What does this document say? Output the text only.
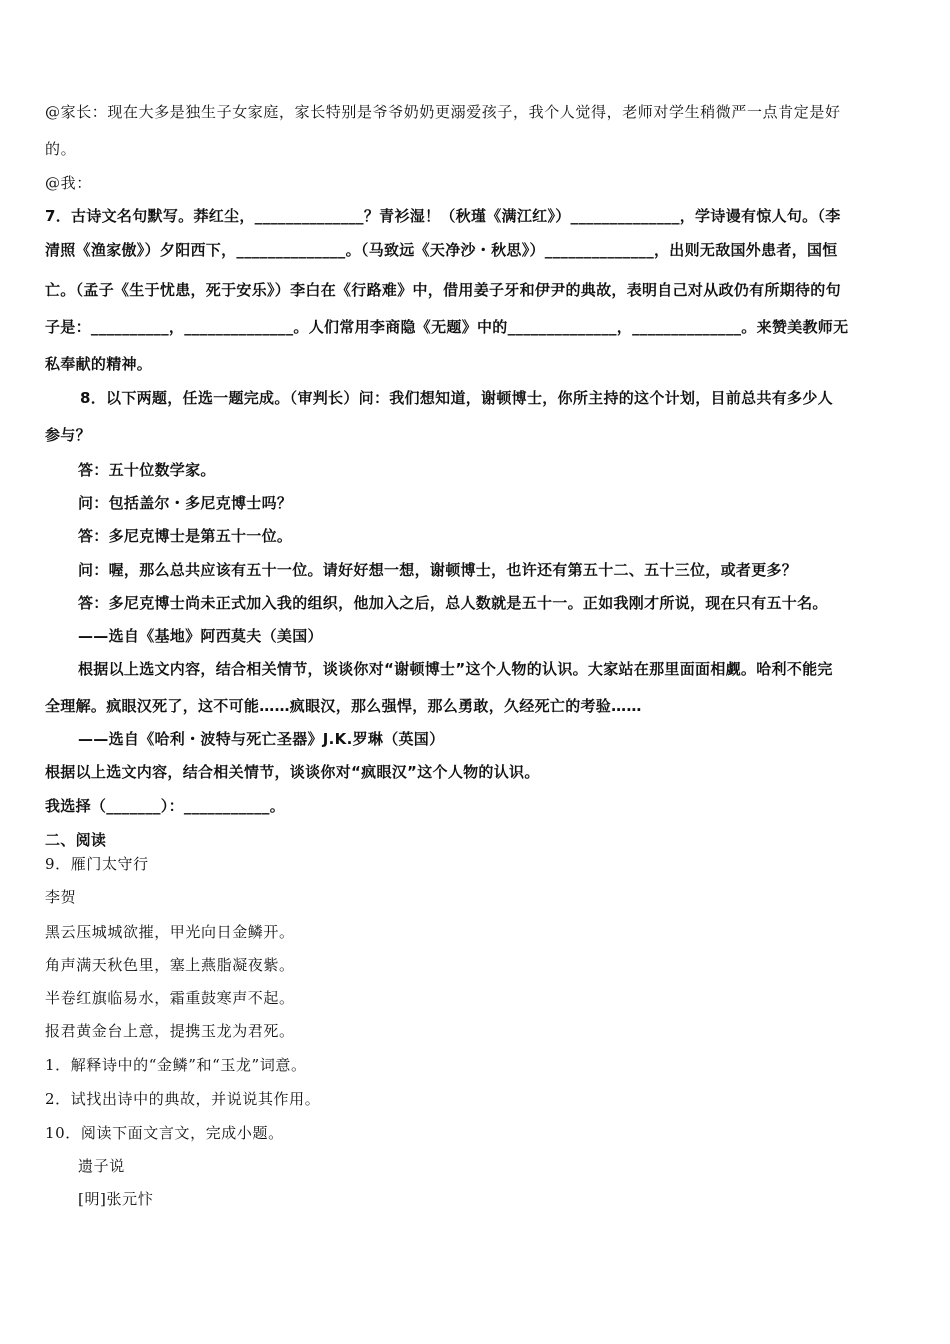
@家长：现在大多是独生子女家庭，家长特别是爷爷奶奶更溺爱孩子，我个人觉得，老师对学生稍微严一点肯定是好
的。
@我：
7．古诗文名句默写。莽红尘，______________？青衫湿！（秋瑾《满江红》）______________，学诗谩有惊人句。（李
清照《渔家傲》）夕阳西下，______________。（马致远《天净沙・秋思》）______________，出则无敌国外患者，国恒
亡。（孟子《生于忧患，死于安乐》）李白在《行路难》中，借用姜子牙和伊尹的典故，表明自己对从政仍有所期待的句
子是：__________，______________。人们常用李商隐《无题》中的______________，______________。来赞美教师无
私奉献的精神。
8．以下两题，任选一题完成。（审判长）问：我们想知道，谢顿博士，你所主持的这个计划，目前总共有多少人
参与？
答：五十位数学家。
问：包括盖尔・多尼克博士吗？
答：多尼克博士是第五十一位。
问：喔，那么总共应该有五十一位。请好好想一想，谢顿博士，也许还有第五十二、五十三位，或者更多？
答：多尼克博士尚未正式加入我的组织，他加入之后，总人数就是五十一。正如我刚才所说，现在只有五十名。
——选自《基地》阿西莫夫（美国）
根据以上选文内容，结合相关情节，谈谈你对“谢顿博士”这个人物的认识。大家站在那里面面相觑。哈利不能完
全理解。疯眼汉死了，这不可能……疯眼汉，那么强悍，那么勇敢，久经死亡的考验……
——选自《哈利・波特与死亡圣器》J.K.罗琳（英国）
根据以上选文内容，结合相关情节，谈谈你对“疯眼汉”这个人物的认识。
我选择（_______）：___________。
二、阅读
9．雁门太守行
李贺
黑云压城城欲摧，甲光向日金鳞开。
角声满天秋色里，塞上燕脂凝夜紫。
半卷红旗临易水，霜重鼓寒声不起。
报君黄金台上意，提携玉龙为君死。
1．解释诗中的“金鳞”和“玉龙”词意。
2．试找出诗中的典故，并说说其作用。
10．阅读下面文言文，完成小题。
遗子说
[明]张元忭
